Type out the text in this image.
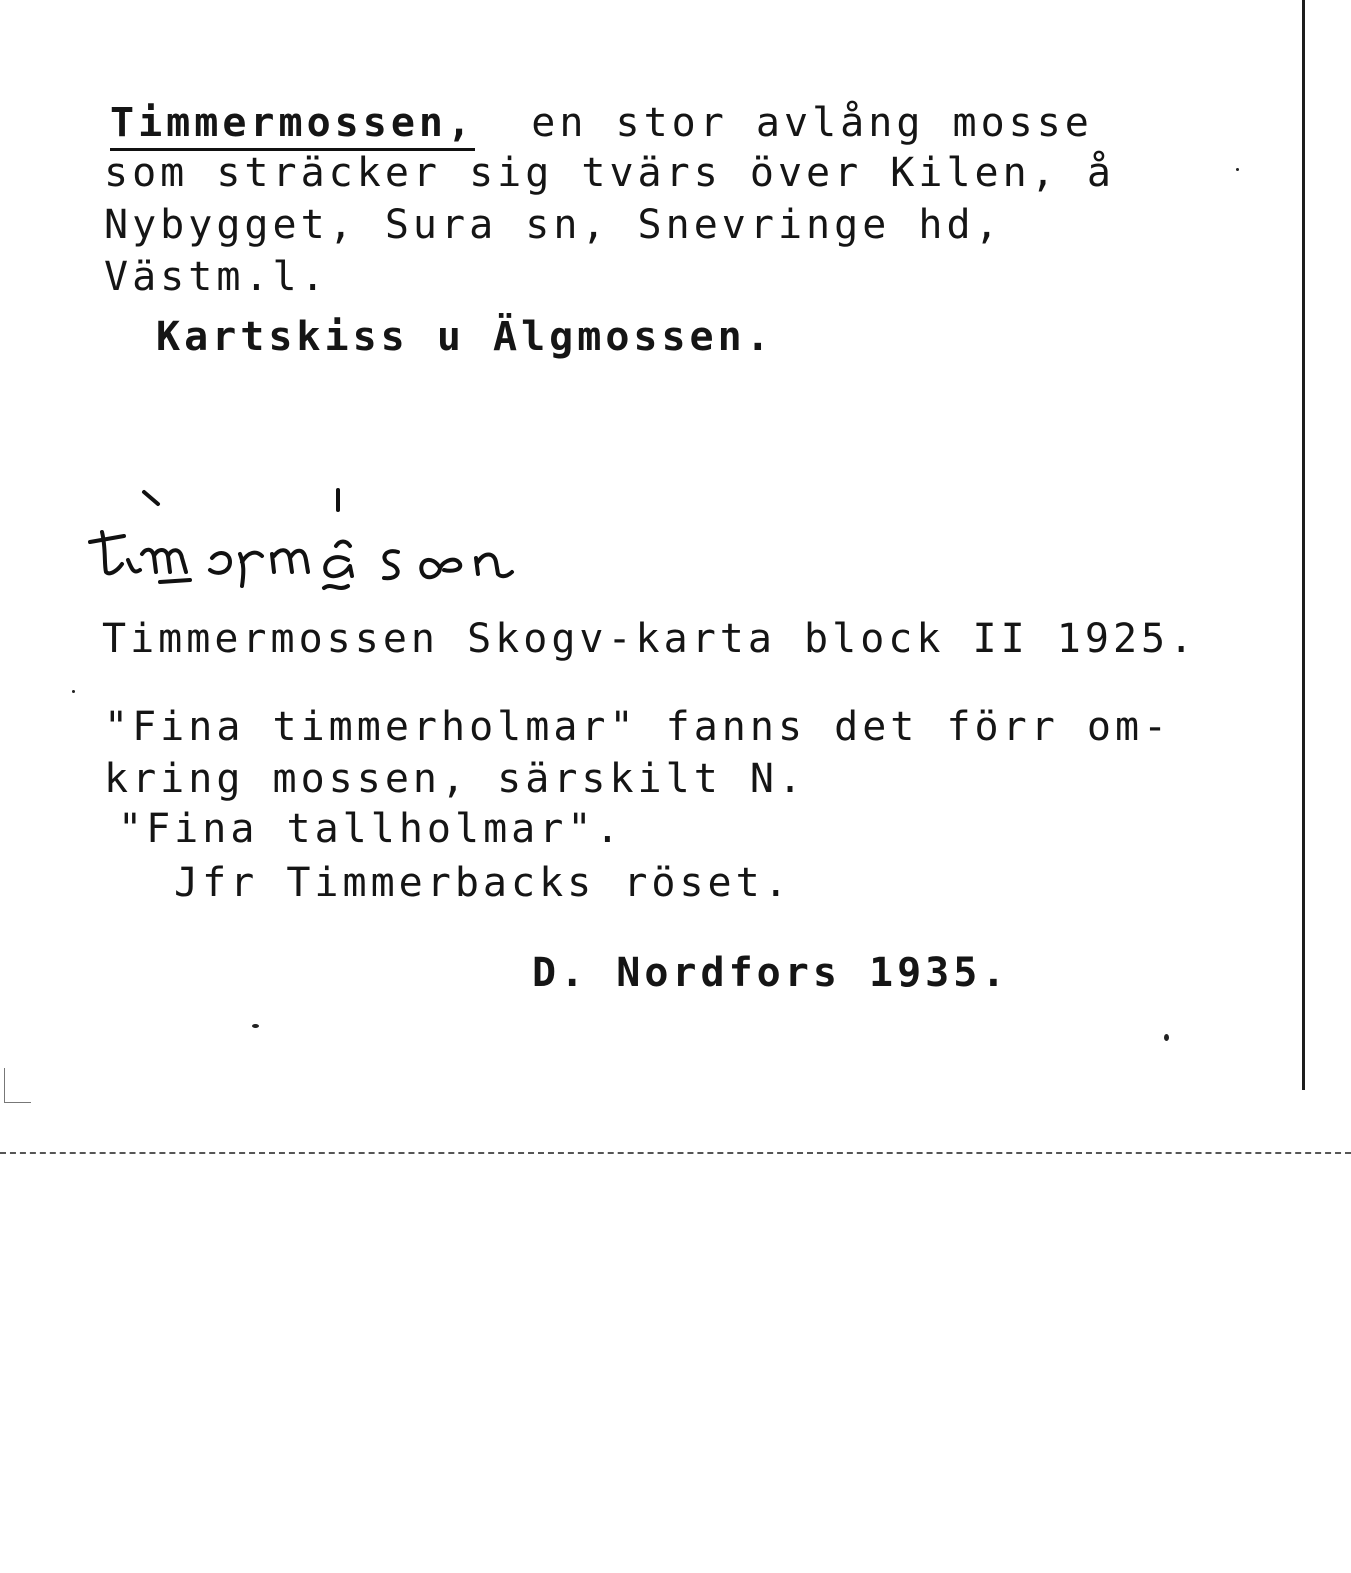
Timmermossen, en stor avlång mosse
som sträcker sig tvärs över Kilen, å
Nybygget, Sura sn, Snevringe hd,
Västm.l.
Kartskiss u Älgmossen.
Timmermossen Skogv-karta block II 1925.
"Fina timmerholmar" fanns det förr om-
kring mossen, särskilt N.
"Fina tallholmar".
Jfr Timmerbacks röset.
D. Nordfors 1935.
